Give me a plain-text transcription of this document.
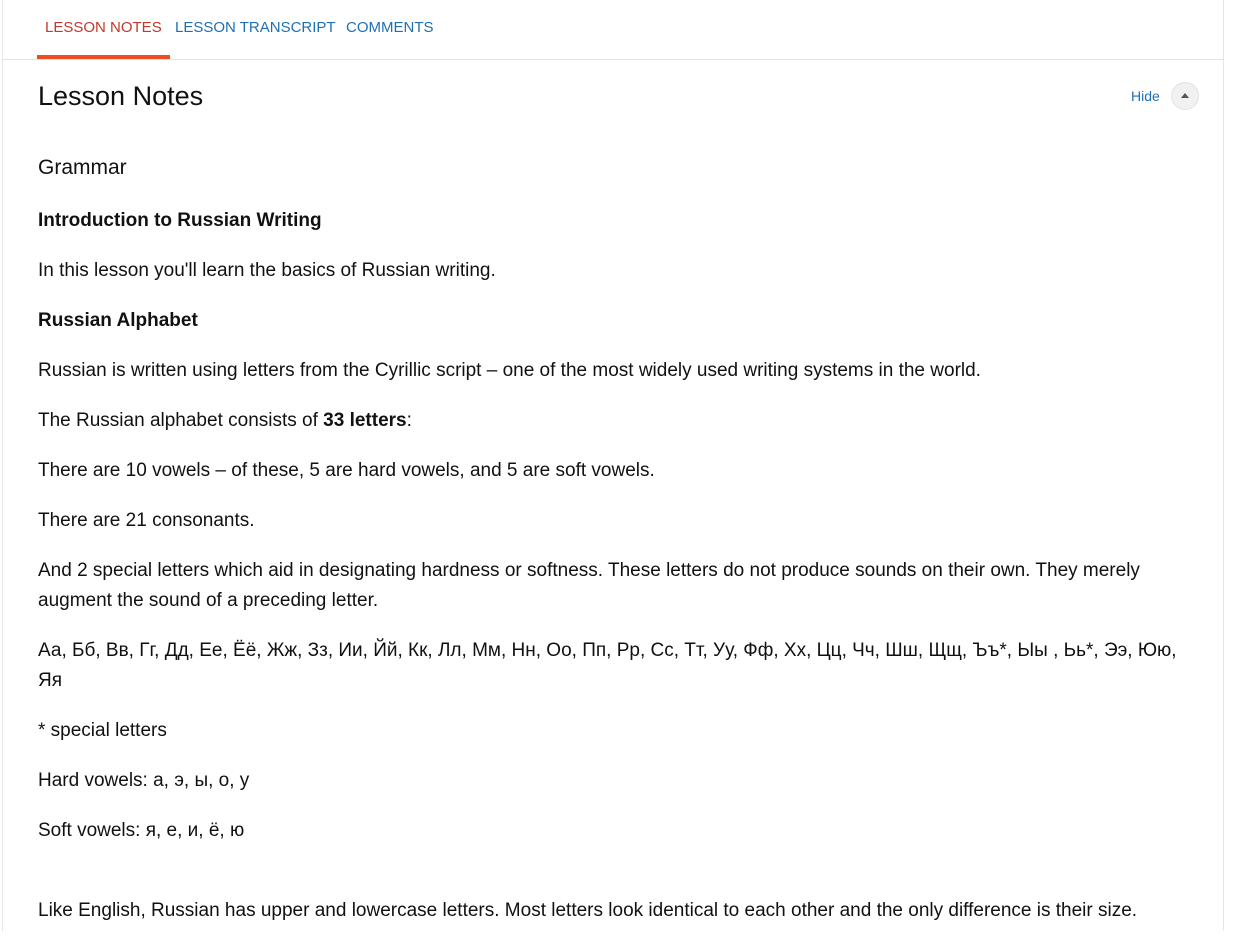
LESSON NOTES LESSON TRANSCRIPT COMMENTS
Lesson Notes	Hide

Grammar

Introduction to Russian Writing

In this lesson you'll learn the basics of Russian writing.

Russian Alphabet

Russian is written using letters from the Cyrillic script – one of the most widely used writing systems in the world.

The Russian alphabet consists of 33 letters:

There are 10 vowels – of these, 5 are hard vowels, and 5 are soft vowels.

There are 21 consonants.

And 2 special letters which aid in designating hardness or softness. These letters do not produce sounds on their own. They merely augment the sound of a preceding letter.

Аа, Бб, Вв, Гг, Дд, Ее, Ёё, Жж, Зз, Ии, Йй, Кк, Лл, Мм, Нн, Оо, Пп, Рр, Сс, Тт, Уу, Фф, Хх, Цц, Чч, Шш, Щщ, Ъъ*, Ыы , Ьь*, Ээ, Юю, Яя

* special letters

Hard vowels: а, э, ы, о, у

Soft vowels: я, е, и, ё, ю

Like English, Russian has upper and lowercase letters. Most letters look identical to each other and the only difference is their size.
